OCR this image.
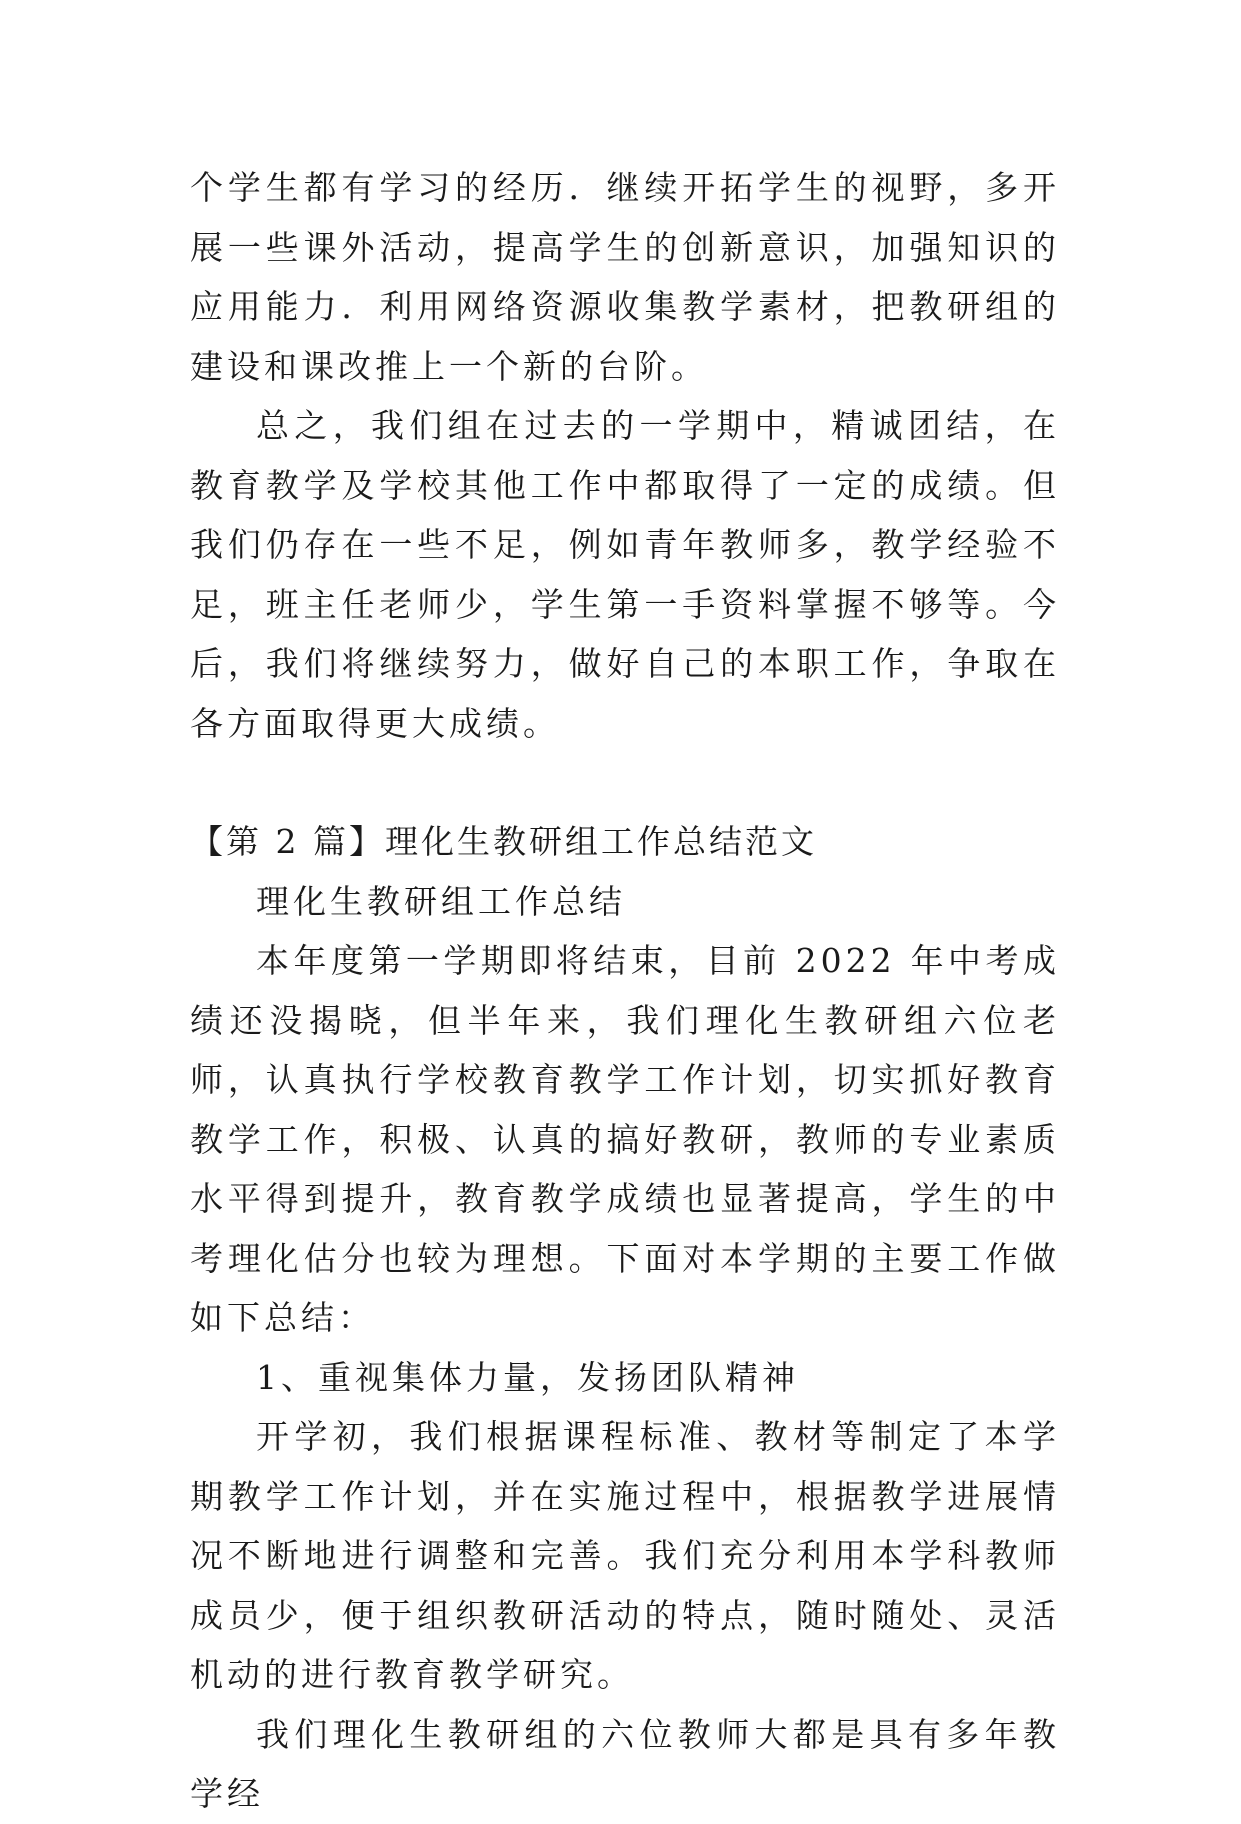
个学生都有学习的经历．继续开拓学生的视野，多开展一些课外活动，提高学生的创新意识，加强知识的应用能力．利用网络资源收集教学素材，把教研组的建设和课改推上一个新的台阶。

总之，我们组在过去的一学期中，精诚团结，在教育教学及学校其他工作中都取得了一定的成绩。但我们仍存在一些不足，例如青年教师多，教学经验不足，班主任老师少，学生第一手资料掌握不够等。今后，我们将继续努力，做好自己的本职工作，争取在各方面取得更大成绩。

【第 2 篇】理化生教研组工作总结范文

理化生教研组工作总结

本年度第一学期即将结束，目前 2022 年中考成绩还没揭晓，但半年来，我们理化生教研组六位老师，认真执行学校教育教学工作计划，切实抓好教育教学工作，积极、认真的搞好教研，教师的专业素质水平得到提升，教育教学成绩也显著提高，学生的中考理化估分也较为理想。下面对本学期的主要工作做如下总结：

1、重视集体力量，发扬团队精神

开学初，我们根据课程标准、教材等制定了本学期教学工作计划，并在实施过程中，根据教学进展情况不断地进行调整和完善。我们充分利用本学科教师成员少，便于组织教研活动的特点，随时随处、灵活机动的进行教育教学研究。

我们理化生教研组的六位教师大都是具有多年教学经
